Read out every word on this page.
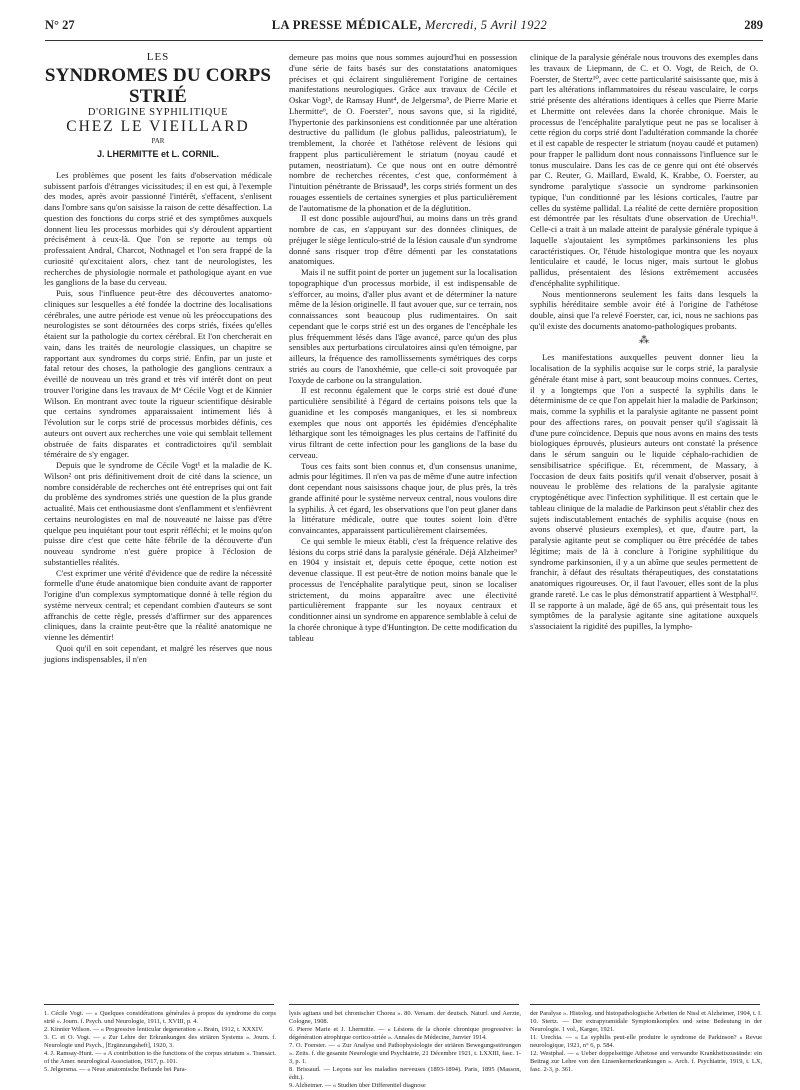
N° 27	LA PRESSE MÉDICALE, Mercredi, 5 Avril 1922	289
LES
SYNDROMES DU CORPS STRIÉ
D'ORIGINE SYPHILITIQUE
CHEZ LE VIEILLARD
PAR
J. LHERMITTE et L. CORNIL.

Les problèmes que posent les faits d'observation médicale subissent parfois d'étranges vicissitudes; il en est qui, à l'exemple des modes, après avoir passionné l'intérêt, s'effacent, s'enlisent dans l'ombre sans qu'on saisisse la raison de cette désaffection. La question des fonctions du corps strié et des symptômes auxquels donnent lieu les processus morbides qui s'y déroulent appartient précisément à ceux-là. Que l'on se reporte au temps où professaient Andral, Charcot, Nothnagel et l'on sera frappé de la curiosité qu'excitaient alors, chez tant de neurologistes, les recherches de physiologie normale et pathologique ayant en vue les ganglions de la base du cerveau.

Puis, sous l'influence peut-être des découvertes anatomo-cliniques sur lesquelles a été fondée la doctrine des localisations cérébrales, une autre période est venue où les préoccupations des neurologistes se sont détournées des corps striés, fixées qu'elles étaient sur la pathologie du cortex cérébral. Et l'on chercherait en vain, dans les traités de neurologie classiques, un chapitre se rapportant aux syndromes du corps strié. Enfin, par un juste et fatal retour des choses, la pathologie des ganglions centraux a éveillé de nouveau un très grand et très vif intérêt dont on peut trouver l'origine dans les travaux de Mᵉ Cécile Vogt et de Kinnier Wilson. En montrant avec toute la rigueur scientifique désirable que certains syndromes apparaissaient intimement liés à l'évolution sur le corps strié de processus morbides définis, ces auteurs ont ouvert aux recherches une voie qui semblait tellement obstruée de faits disparates et contradictoires qu'il semblait téméraire de s'y engager.

Depuis que le syndrome de Cécile Vogt¹ et la maladie de K. Wilson² ont pris définitivement droit de cité dans la science, un nombre considérable de recherches ont été entreprises qui ont fait du problème des syndromes striés une question de la plus grande actualité. Mais cet enthousiasme dont s'enflamment et s'enfièvrent certains neurologistes en mal de nouveauté ne laisse pas d'être quelque peu inquiétant pour tout esprit réfléchi; et le moins qu'on puisse dire c'est que cette hâte fébrile de la découverte d'un nouveau syndrome n'est guère propice à l'éclosion de substantielles réalités.

C'est exprimer une vérité d'évidence que de redire la nécessité formelle d'une étude anatomique bien conduite avant de rapporter l'origine d'un complexus symptomatique donné à telle région du système nerveux central; et cependant combien d'auteurs se sont affranchis de cette règle, pressés d'affirmer sur des apparences cliniques, dans la crainte peut-être que la réalité anatomique ne vienne les démentir!

Quoi qu'il en soit cependant, et malgré les réserves que nous jugions indispensables, il n'en

demeure pas moins que nous sommes aujourd'hui en possession d'une série de faits basés sur des constatations anatomiques précises et qui éclairent singulièrement l'origine de certaines manifestations neurologiques. Grâce aux travaux de Cécile et Oskar Vogt³, de Ramsay Hunt⁴, de Jelgersma⁵, de Pierre Marie et Lhermitte⁶, de O. Foerster⁷, nous savons que, si la rigidité, l'hypertonie des parkinsoniens est conditionnée par une altération destructive du pallidum (le globus pallidus, paleostriatum), le tremblement, la chorée et l'athétose relèvent de lésions qui frappent plus particulièrement le striatum (noyau caudé et putamen, neostriatum). Ce que nous ont en outre démontré nombre de recherches récentes, c'est que, conformément à l'intuition pénétrante de Brissaud⁸, les corps striés forment un des rouages essentiels de certaines synergies et plus particulièrement de l'automatisme de la phonation et de la déglutition.

Il est donc possible aujourd'hui, au moins dans un très grand nombre de cas, en s'appuyant sur des données cliniques, de préjuger le siège lenticulo-strié de la lésion causale d'un syndrome donné sans risquer trop d'être démenti par les constatations anatomiques.

Mais il ne suffit point de porter un jugement sur la localisation topographique d'un processus morbide, il est indispensable de s'efforcer, au moins, d'aller plus avant et de déterminer la nature même de la lésion originelle. Il faut avouer que, sur ce terrain, nos connaissances sont beaucoup plus rudimentaires. On sait cependant que le corps strié est un des organes de l'encéphale les plus fréquemment lésés dans l'âge avancé, parce qu'un des plus sensibles aux perturbations circulatoires ainsi qu'en témoigne, par ailleurs, la fréquence des ramollissements symétriques des corps striés au cours de l'anoxhémie, que celle-ci soit provoquée par l'oxyde de carbone ou la strangulation.

Il est reconnu également que le corps strié est doué d'une particulière sensibilité à l'égard de certains poisons tels que la guanidine et les composés manganiques, et les si nombreux exemples que nous ont apportés les épidémies d'encéphalite léthargique sont les témoignages les plus certains de l'affinité du virus filtrant de cette infection pour les ganglions de la base du cerveau.

Tous ces faits sont bien connus et, d'un consensus unanime, admis pour légitimes. Il n'en va pas de même d'une autre infection dont cependant nous saisissons chaque jour, de plus près, la très grande affinité pour le système nerveux central, nous voulons dire la syphilis. À cet égard, les observations que l'on peut glaner dans la littérature médicale, outre que toutes soient loin d'être convaincantes, apparaissent particulièrement clairsemées.

Ce qui semble le mieux établi, c'est la fréquence relative des lésions du corps strié dans la paralysie générale. Déjà Alzheimer⁹ en 1904 y insistait et, depuis cette époque, cette notion est devenue classique. Il est peut-être de notion moins banale que le processus de l'encéphalite paralytique peut, sinon se localiser strictement, du moins apparaître avec une électivité particulièrement frappante sur les noyaux centraux et conditionner ainsi un syndrome en apparence semblable à celui de la chorée chronique à type d'Huntington. De cette modification du tableau

clinique de la paralysie générale nous trouvons des exemples dans les travaux de Liepmann, de C. et O. Vogt, de Reich, de O. Foerster, de Stertz¹⁰, avec cette particularité saisissante que, mis à part les altérations inflammatoires du réseau vasculaire, le corps strié présente des altérations identiques à celles que Pierre Marie et Lhermitte ont relevées dans la chorée chronique. Mais le processus de l'encéphalite paralytique peut ne pas se localiser à cette région du corps strié dont l'adultération commande la chorée et il est capable de respecter le striatum (noyau caudé et putamen) pour frapper le pallidum dont nous connaissons l'influence sur le tonus musculaire. Dans les cas de ce genre qui ont été observés par C. Reuter, G. Maillard, Ewald, K. Krabbe, O. Foerster, au syndrome paralytique s'associe un syndrome parkinsonien typique, l'un conditionné par les lésions corticales, l'autre par celles du système pallidal. La réalité de cette dernière proposition est démontrée par les résultats d'une observation de Urechia¹¹. Celle-ci a trait à un malade atteint de paralysie générale typique à laquelle s'ajoutaient les symptômes parkinsoniens les plus caractéristiques. Or, l'étude histologique montra que les noyaux lenticulaire et caudé, le locus niger, mais surtout le globus pallidus, présentaient des lésions extrêmement accusées d'encéphalite syphilitique.

Nous mentionnerons seulement les faits dans lesquels la syphilis héréditaire semble avoir été à l'origine de l'athétose double, ainsi que l'a relevé Foerster, car, ici, nous ne sachions pas qu'il existe des documents anatomo-pathologiques probants.

⁂

Les manifestations auxquelles peuvent donner lieu la localisation de la syphilis acquise sur le corps strié, la paralysie générale étant mise à part, sont beaucoup moins connues. Certes, il y a longtemps que l'on a suspecté la syphilis dans le déterminisme de ce que l'on appelait hier la maladie de Parkinson; mais, comme la syphilis et la paralysie agitante ne passent point pour des affections rares, on pouvait penser qu'il s'agissait là d'une pure coïncidence. Depuis que nous avons en mains des tests biologiques éprouvés, plusieurs auteurs ont constaté la présence dans le sérum sanguin ou le liquide céphalo-rachidien de sensibilisatrice spécifique. Et, récemment, de Massary, à l'occasion de deux faits positifs qu'il venait d'observer, posait à nouveau le problème des relations de la paralysie agitante cryptogénétique avec l'infection syphilitique. Il est certain que le tableau clinique de la maladie de Parkinson peut s'établir chez des sujets indiscutablement entachés de syphilis acquise (nous en avons observé plusieurs exemples), et que, d'autre part, la paralysie agitante peut se compliquer ou être précédée de tabes légitime; mais de là à conclure à l'origine syphilitique du syndrome parkinsonien, il y a un abîme que seules permettent de franchir, à défaut des résultats thérapeutiques, des constatations anatomiques rigoureuses. Or, il faut l'avouer, elles sont de la plus grande rareté. Le cas le plus démonstratif appartient à Westphal¹². Il se rapporte à un malade, âgé de 65 ans, qui présentait tous les symptômes de la paralysie agitante sine agitatione auxquels s'associaient la rigidité des pupilles, la lympho-

1. Cécile Vogt. — « Quelques considérations générales à propos du syndrome du corps strié ». Journ. f. Psych. und Neurologie, 1911, t. XVIII, p. 4.
2. Kinnier Wilson. — « Progressive lenticular degeneration ». Brain, 1912, t. XXXIV.
3. C. et O. Vogt. — « Zur Lehre der Erkrankungen des striären Systems ». Journ. f. Neurologie und Psych., [Ergänzungsheft], 1920, 3.
4. J. Ramsay-Hunt. — « A contribution to the functions of the corpus striatum ». Transact. of the Amer. neurological Association, 1917, p. 101.
5. Jelgersma. — « Neue anatomische Befunde bei Para-
lysis agitans und bei chronischer Chorea ». 80. Versam. der deutsch. Naturf. und Aerzte, Cologne, 1908.
6. Pierre Marie et J. Lhermitte. — « Lésions de la chorée chronique progressive: la dégénération atrophique cortico-striée ». Annales de Médecine, Janvier 1914.
7. O. Foerster. — « Zur Analyse und Pathophysiologie der striären Bewegungsstörungen ». Zeits. f. die gesamte Neurologie und Psychiatrie, 21 Décembre 1921, t. LXXIII, fasc. 1-3, p. 1.
8. Brissaud. — Leçons sur les maladies nerveuses (1893-1894). Paris, 1895 (Masson, édit.).
9. Alzheimer. — « Studien über Differentiel diagnose
der Paralyse ». Histolog. und histopathologische Arbeiten de Nissl et Alzheimer, 1904, t. I.
10. Stertz. — Der extrapyramidale Symptomkomplex und seine Bedeutung in der Neurologie. 1 vol., Karger, 1921.
11. Urechia. — « La syphilis peut-elle produire le syndrome de Parkinson? » Revue neurologique, 1921, n° 6, p. 584.
12. Westphal. — « Ueber doppelseitige Athetose und verwandte Krankheitszustände: ein Beitrag zur Lehre von den Linsenkernerkrankungen ». Arch. f. Psychiatrie, 1919, t. LX, fasc. 2-3, p. 361.
